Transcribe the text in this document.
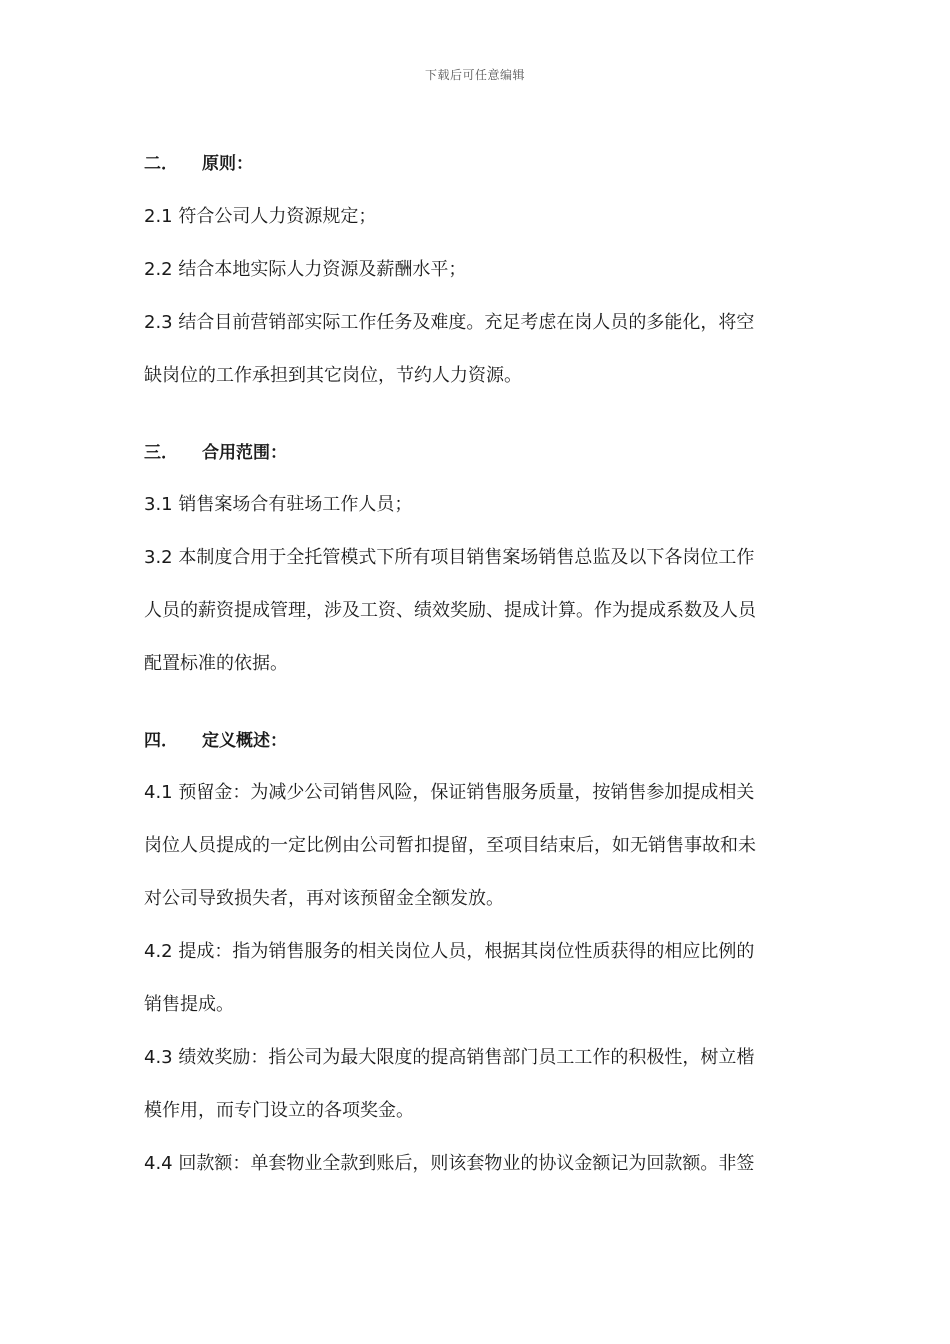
下载后可任意编辑
二． 原则：

2.1 符合公司人力资源规定；

2.2 结合本地实际人力资源及薪酬水平；

2.3 结合目前营销部实际工作任务及难度。充足考虑在岗人员的多能化，将空

缺岗位的工作承担到其它岗位，节约人力资源。

三． 合用范围：

3.1 销售案场合有驻场工作人员；

3.2 本制度合用于全托管模式下所有项目销售案场销售总监及以下各岗位工作

人员的薪资提成管理，涉及工资、绩效奖励、提成计算。作为提成系数及人员

配置标准的依据。

四． 定义概述：

4.1 预留金：为减少公司销售风险，保证销售服务质量，按销售参加提成相关

岗位人员提成的一定比例由公司暂扣提留，至项目结束后，如无销售事故和未

对公司导致损失者，再对该预留金全额发放。

4.2 提成：指为销售服务的相关岗位人员，根据其岗位性质获得的相应比例的

销售提成。

4.3 绩效奖励：指公司为最大限度的提高销售部门员工工作的积极性，树立楷

模作用，而专门设立的各项奖金。

4.4 回款额：单套物业全款到账后，则该套物业的协议金额记为回款额。非签
